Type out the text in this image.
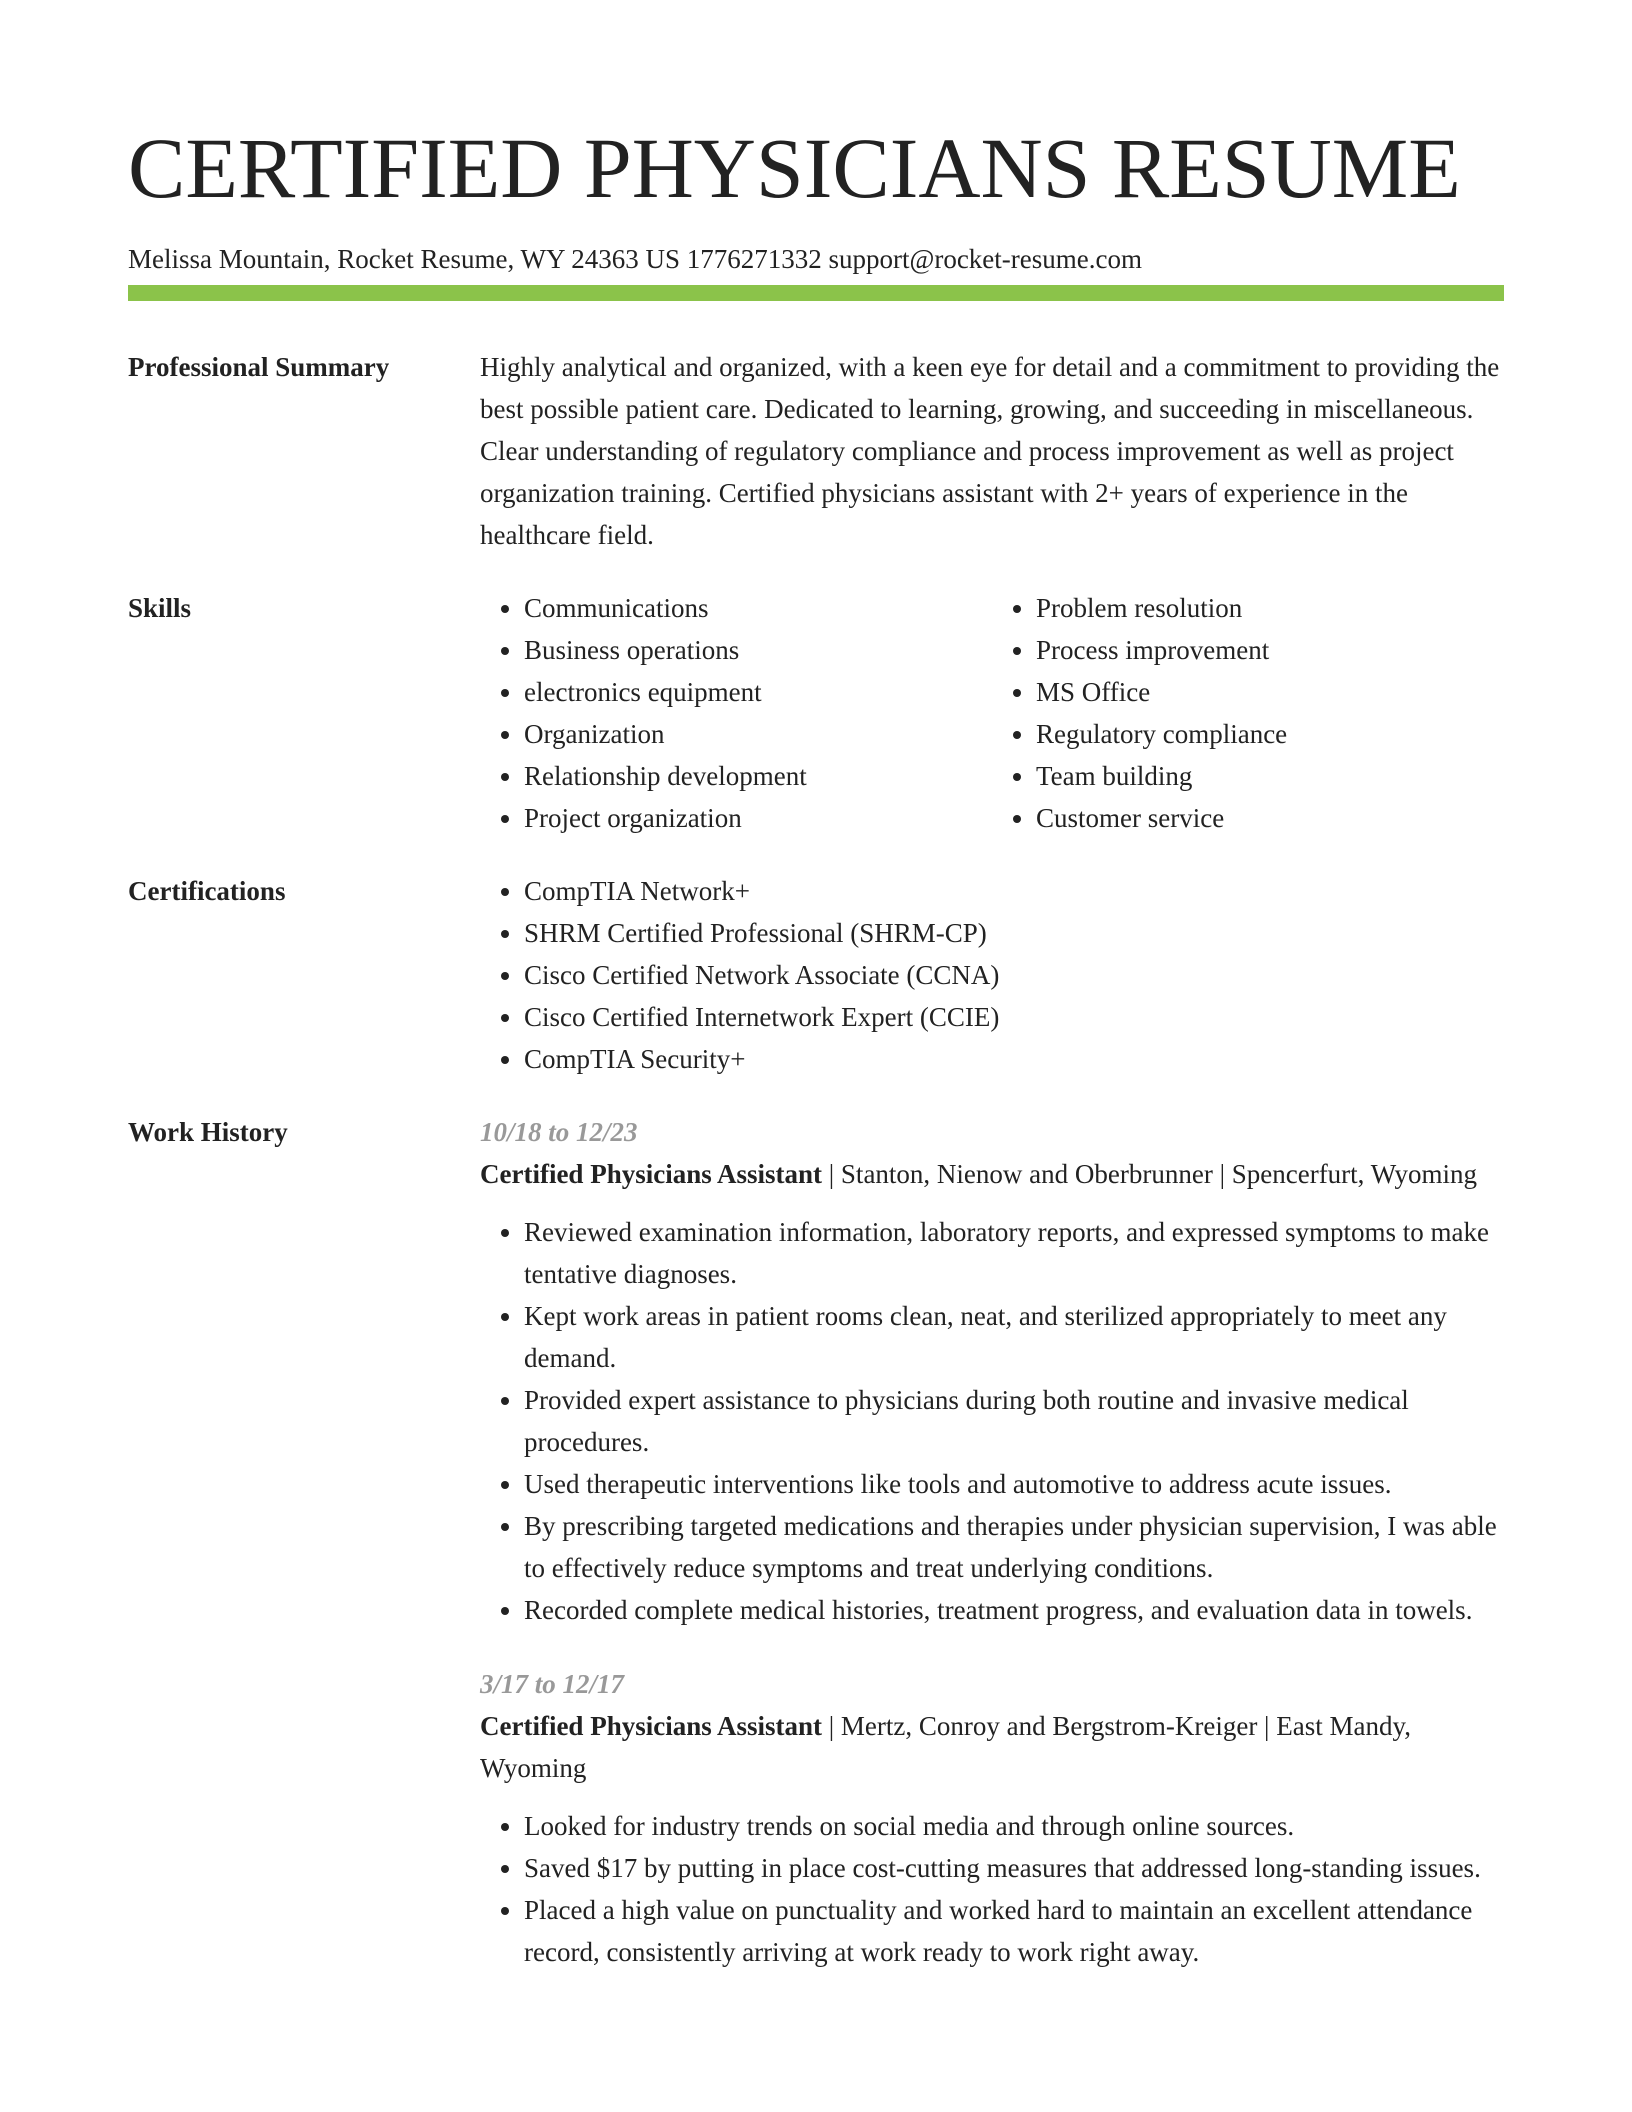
CERTIFIED PHYSICIANS RESUME
Melissa Mountain, Rocket Resume, WY 24363 US 1776271332 support@rocket-resume.com
Professional Summary	Highly analytical and organized, with a keen eye for detail and a commitment to providing the best possible patient care. Dedicated to learning, growing, and succeeding in miscellaneous. Clear understanding of regulatory compliance and process improvement as well as project organization training. Certified physicians assistant with 2+ years of experience in the healthcare field.

Skills	• Communications
• Business operations
• electronics equipment
• Organization
• Relationship development
• Project organization
• Problem resolution
• Process improvement
• MS Office
• Regulatory compliance
• Team building
• Customer service
Certifications	• CompTIA Network+
• SHRM Certified Professional (SHRM-CP)
• Cisco Certified Network Associate (CCNA)
• Cisco Certified Internetwork Expert (CCIE)
• CompTIA Security+
Work History	10/18 to 12/23
Certified Physicians Assistant | Stanton, Nienow and Oberbrunner | Spencerfurt, Wyoming
• Reviewed examination information, laboratory reports, and expressed symptoms to make tentative diagnoses.
• Kept work areas in patient rooms clean, neat, and sterilized appropriately to meet any demand.
• Provided expert assistance to physicians during both routine and invasive medical procedures.
• Used therapeutic interventions like tools and automotive to address acute issues.
• By prescribing targeted medications and therapies under physician supervision, I was able to effectively reduce symptoms and treat underlying conditions.
• Recorded complete medical histories, treatment progress, and evaluation data in towels.
3/17 to 12/17
Certified Physicians Assistant | Mertz, Conroy and Bergstrom-Kreiger | East Mandy, Wyoming
• Looked for industry trends on social media and through online sources.
• Saved $17 by putting in place cost-cutting measures that addressed long-standing issues.
• Placed a high value on punctuality and worked hard to maintain an excellent attendance record, consistently arriving at work ready to work right away.
